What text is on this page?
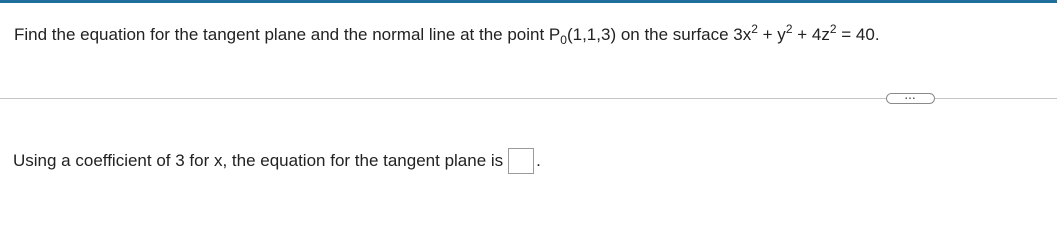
Find the equation for the tangent plane and the normal line at the point $P_0(1,1,3)$ on the surface $3x^2 + y^2 + 4z^2 = 40$.
...
Using a coefficient of 3 for x, the equation for the tangent plane is .
